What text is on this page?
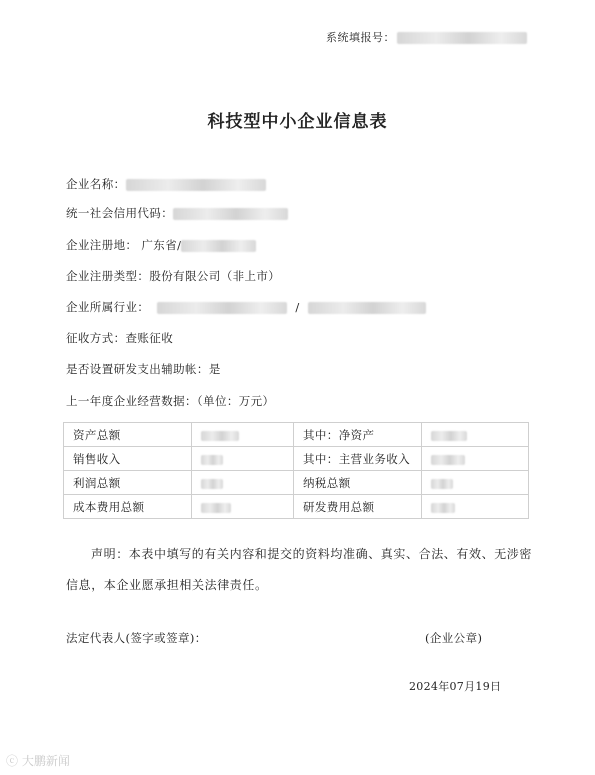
系统填报号：
科技型中小企业信息表
企业名称：
统一社会信用代码：
企业注册地： 广东省/
企业注册类型：股份有限公司（非上市）
企业所属行业：	/
征收方式：查账征收
是否设置研发支出辅助帐：是
上一年度企业经营数据：（单位：万元）
资产总额		其中：净资产	
销售收入		其中：主营业务收入	
利润总额		纳税总额	
成本费用总额		研发费用总额	
声明：本表中填写的有关内容和提交的资料均准确、真实、合法、有效、无涉密信息，本企业愿承担相关法律责任。
法定代表人(签字或签章)：	(企业公章)
2024年07月19日
ⓒ 大鹏新闻
